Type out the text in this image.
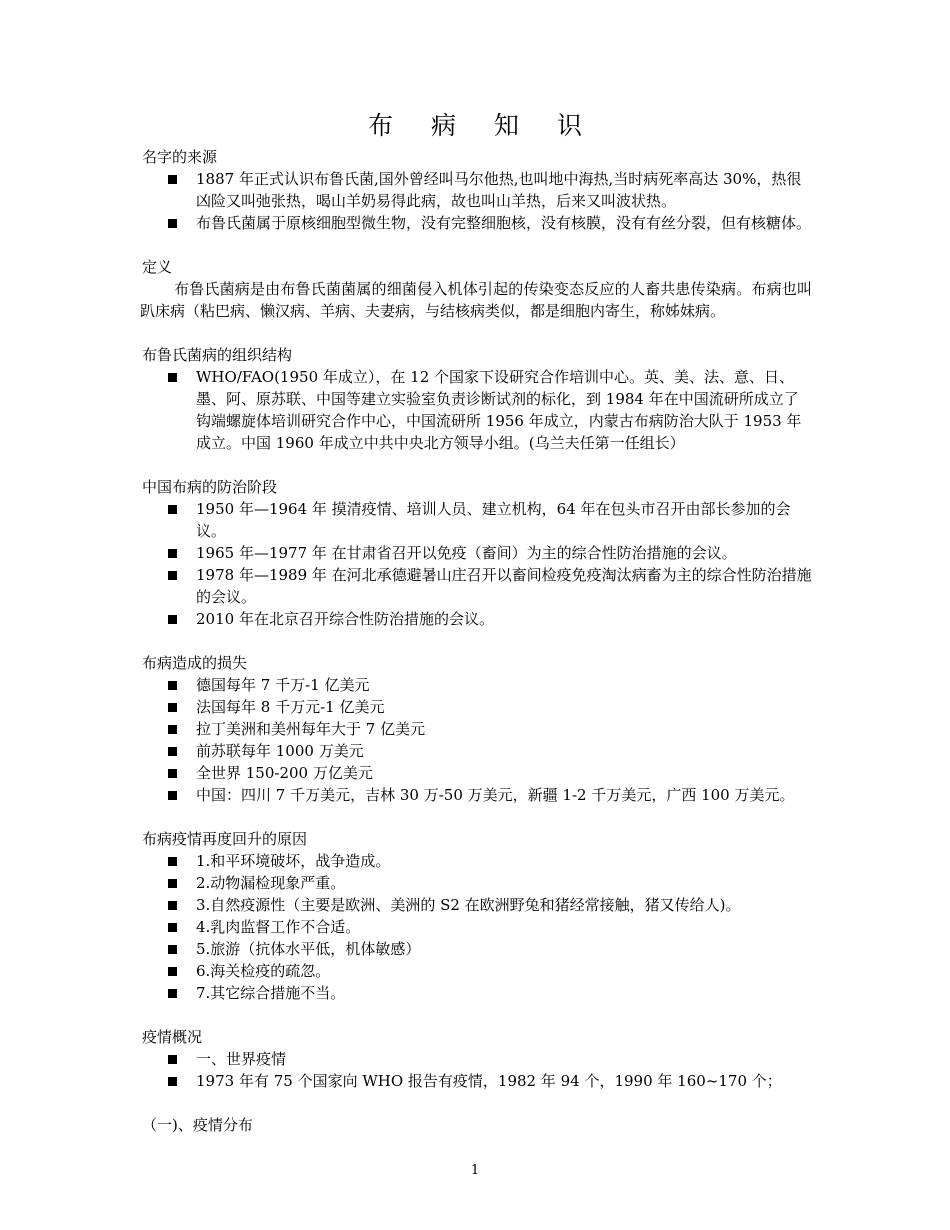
布 病 知 识
名字的来源
1887 年正式认识布鲁氏菌,国外曾经叫马尔他热,也叫地中海热,当时病死率高达 30%，热很凶险又叫弛张热，喝山羊奶易得此病，故也叫山羊热，后来又叫波状热。
布鲁氏菌属于原核细胞型微生物，没有完整细胞核，没有核膜，没有有丝分裂，但有核糖体。
定义
布鲁氏菌病是由布鲁氏菌菌属的细菌侵入机体引起的传染变态反应的人畜共患传染病。布病也叫趴床病（粘巴病、懒汉病、羊病、夫妻病，与结核病类似，都是细胞内寄生，称姊妹病。
布鲁氏菌病的组织结构
WHO/FAO(1950 年成立），在 12 个国家下设研究合作培训中心。英、美、法、意、日、墨、阿、原苏联、中国等建立实验室负责诊断试剂的标化，到 1984 年在中国流研所成立了钩端螺旋体培训研究合作中心，中国流研所 1956 年成立，内蒙古布病防治大队于 1953 年成立。中国 1960 年成立中共中央北方领导小组。(乌兰夫任第一任组长）
中国布病的防治阶段
1950 年—1964 年 摸清疫情、培训人员、建立机构，64 年在包头市召开由部长参加的会议。
1965 年—1977 年 在甘肃省召开以免疫（畜间）为主的综合性防治措施的会议。
1978 年—1989 年 在河北承德避暑山庄召开以畜间检疫免疫淘汰病畜为主的综合性防治措施的会议。
2010 年在北京召开综合性防治措施的会议。
布病造成的损失
德国每年 7 千万-1 亿美元
法国每年 8 千万元-1 亿美元
拉丁美洲和美州每年大于 7 亿美元
前苏联每年 1000 万美元
全世界 150-200 万亿美元
中国：四川 7 千万美元，吉林 30 万-50 万美元，新疆 1-2 千万美元，广西 100 万美元。
布病疫情再度回升的原因
1.和平环境破坏，战争造成。
2.动物漏检现象严重。
3.自然疫源性（主要是欧洲、美洲的 S2 在欧洲野兔和猪经常接触，猪又传给人)。
4.乳肉监督工作不合适。
5.旅游（抗体水平低，机体敏感）
6.海关检疫的疏忽。
7.其它综合措施不当。
疫情概况
一、世界疫情
1973 年有 75 个国家向 WHO 报告有疫情，1982 年 94 个，1990 年 160~170 个；
（一)、疫情分布
1
